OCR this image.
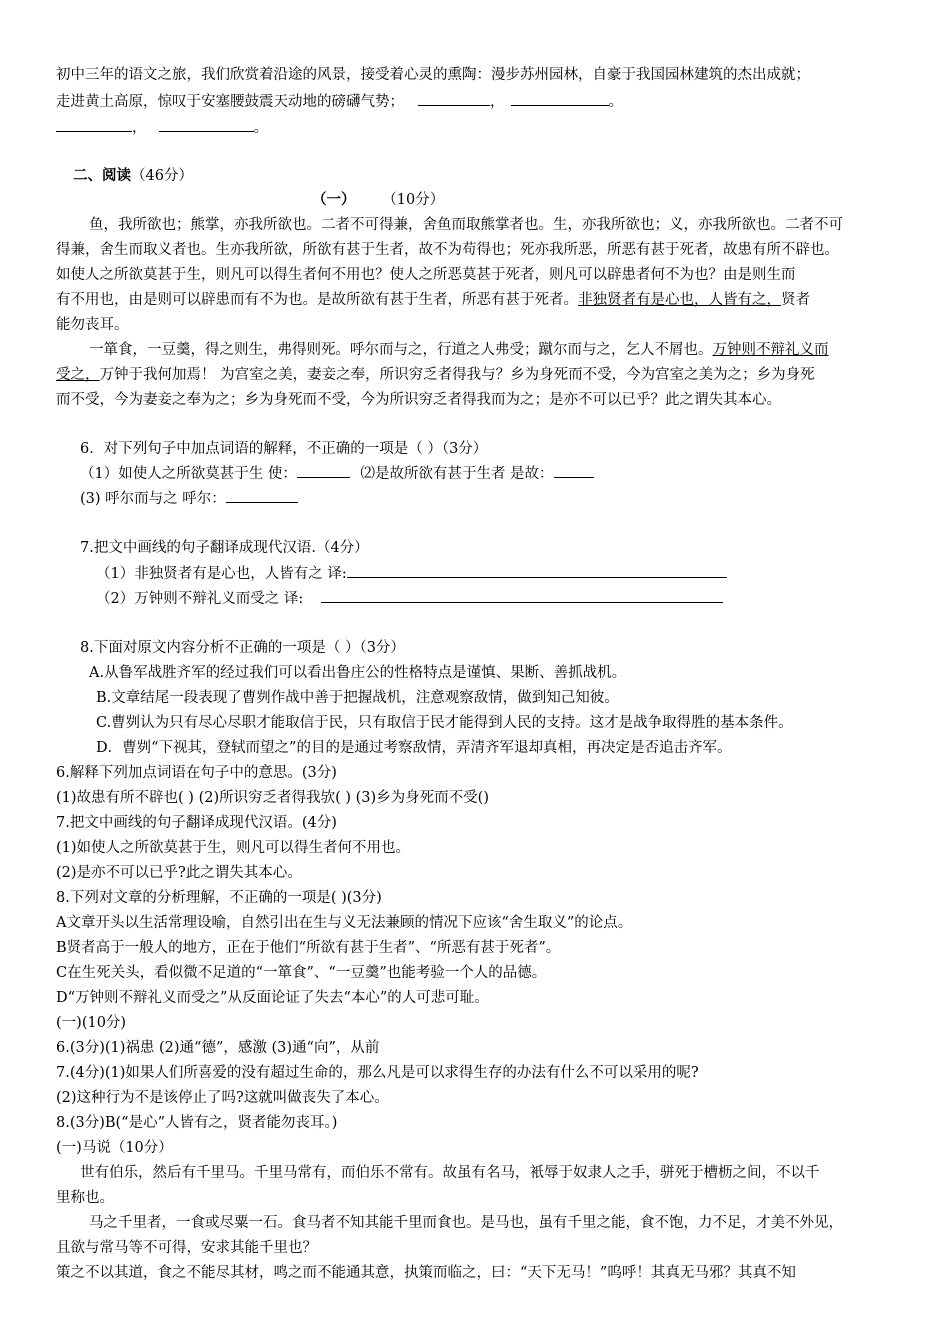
初中三年的语文之旅，我们欣赏着沿途的风景，接受着心灵的熏陶：漫步苏州园林，自豪于我国园林建筑的杰出成就；
走进黄土高原，惊叹于安塞腰鼓震天动地的磅礴气势；	，	。
，	。
二、阅读（46分）
（一） （10分）
鱼，我所欲也；熊掌，亦我所欲也。二者不可得兼，舍鱼而取熊掌者也。生，亦我所欲也；义，亦我所欲也。二者不可
得兼，舍生而取义者也。生亦我所欲，所欲有甚于生者，故不为苟得也；死亦我所恶，所恶有甚于死者，故患有所不辟也。
如使人之所欲莫甚于生，则凡可以得生者何不用也？使人之所恶莫甚于死者，则凡可以辟患者何不为也？由是则生而
有不用也，由是则可以辟患而有不为也。是故所欲有甚于生者，所恶有甚于死者。非独贤者有是心也，人皆有之，贤者
能勿丧耳。
一箪食，一豆羹，得之则生，弗得则死。呼尔而与之，行道之人弗受；蹴尔而与之，乞人不屑也。万钟则不辩礼义而
受之，万钟于我何加焉！ 为宫室之美，妻妾之奉，所识穷乏者得我与？乡为身死而不受，今为宫室之美为之；乡为身死
而不受，今为妻妾之奉为之；乡为身死而不受，今为所识穷乏者得我而为之；是亦不可以已乎？此之谓失其本心。
6．对下列句子中加点词语的解释，不正确的一项是（ ）（3分）
（1）如使人之所欲莫甚于生 使：	⑵是故所欲有甚于生者 是故：
(3) 呼尔而与之 呼尔：
7.把文中画线的句子翻译成现代汉语.（4分）
（1）非独贤者有是心也，人皆有之 译:
（2）万钟则不辩礼义而受之 译:
8.下面对原文内容分析不正确的一项是（ ）（3分）
A.从鲁军战胜齐军的经过我们可以看出鲁庄公的性格特点是谨慎、果断、善抓战机。
B.文章结尾一段表现了曹刿作战中善于把握战机，注意观察敌情，做到知己知彼。
C.曹刿认为只有尽心尽职才能取信于民，只有取信于民才能得到人民的支持。这才是战争取得胜的基本条件。
D．曹刿“下视其，登轼而望之”的目的是通过考察敌情，弄清齐军退却真相，再决定是否追击齐军。
6.解释下列加点词语在句子中的意思。(3分)
(1)故患有所不辟也( ) (2)所识穷乏者得我欤( ) (3)乡为身死而不受()
7.把文中画线的句子翻译成现代汉语。(4分)
(1)如使人之所欲莫甚于生，则凡可以得生者何不用也。
(2)是亦不可以已乎?此之谓失其本心。
8.下列对文章的分析理解，不正确的一项是( )(3分)
A文章开头以生活常理设喻，自然引出在生与义无法兼顾的情况下应该“舍生取义”的论点。
B贤者高于一般人的地方，正在于他们“所欲有甚于生者”、“所恶有甚于死者”。
C在生死关头，看似微不足道的“一箪食”、“一豆羹”也能考验一个人的品德。
D“万钟则不辩礼义而受之”从反面论证了失去“本心”的人可悲可耻。
(一)(10分)
6.(3分)(1)祸患 (2)通“德”，感激 (3)通“向”，从前
7.(4分)(1)如果人们所喜爱的没有超过生命的，那么凡是可以求得生存的办法有什么不可以采用的呢?
(2)这种行为不是该停止了吗?这就叫做丧失了本心。
8.(3分)B(“是心”人皆有之，贤者能勿丧耳。)
(一)马说（10分）
世有伯乐，然后有千里马。千里马常有，而伯乐不常有。故虽有名马，衹辱于奴隶人之手，骈死于槽枥之间，不以千
里称也。
马之千里者，一食或尽粟一石。食马者不知其能千里而食也。是马也，虽有千里之能，食不饱，力不足，才美不外见，
且欲与常马等不可得，安求其能千里也？
策之不以其道，食之不能尽其材，鸣之而不能通其意，执策而临之，曰：“天下无马！”呜呼！其真无马邪？其真不知
